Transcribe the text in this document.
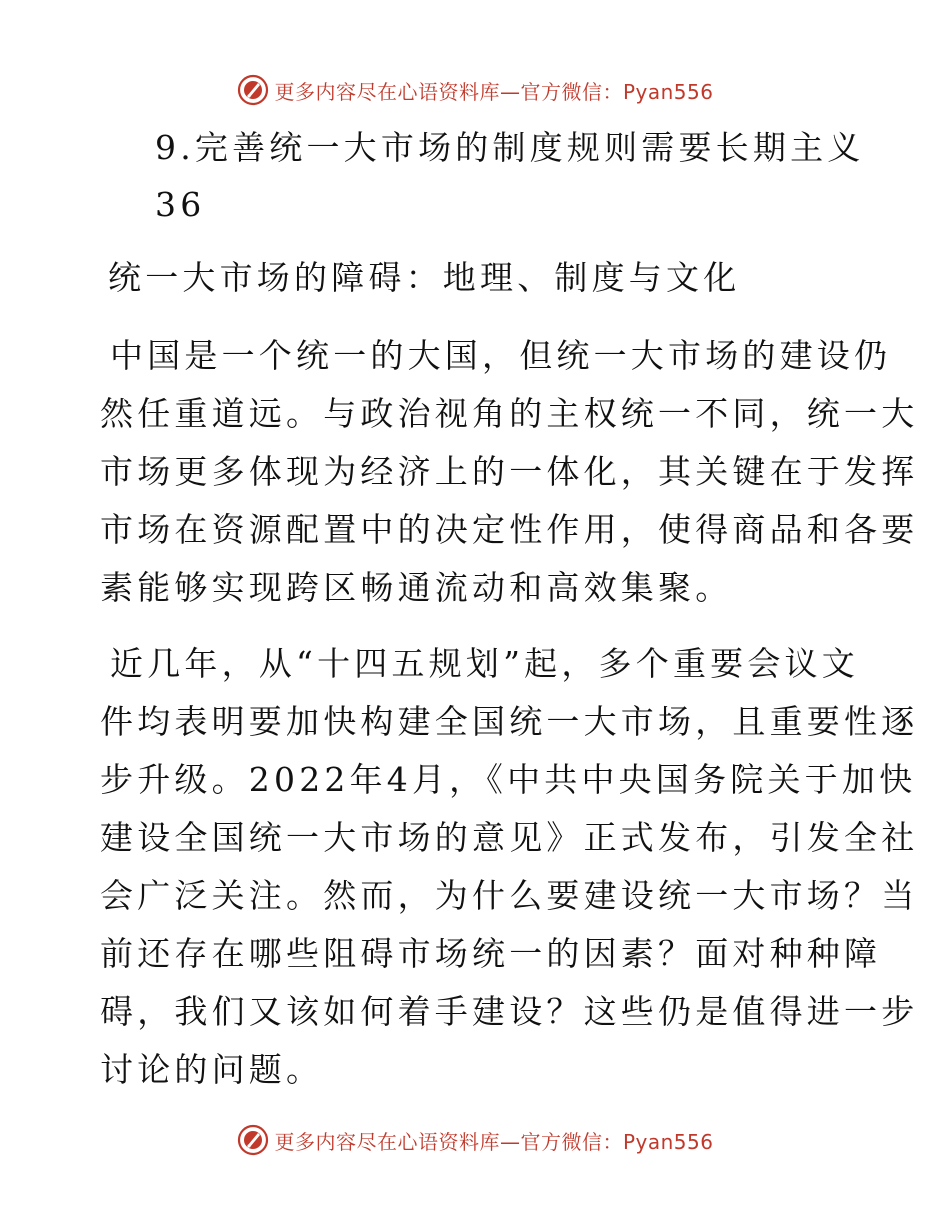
更多内容尽在心语资料库—官方微信：Pyan556
9.完善统一大市场的制度规则需要长期主义
36
统一大市场的障碍：地理、制度与文化
中国是一个统一的大国，但统一大市场的建设仍
然任重道远。与政治视角的主权统一不同，统一大
市场更多体现为经济上的一体化，其关键在于发挥
市场在资源配置中的决定性作用，使得商品和各要
素能够实现跨区畅通流动和高效集聚。
近几年，从“十四五规划”起，多个重要会议文
件均表明要加快构建全国统一大市场，且重要性逐
步升级。2022年4月，《中共中央国务院关于加快
建设全国统一大市场的意见》正式发布，引发全社
会广泛关注。然而，为什么要建设统一大市场？当
前还存在哪些阻碍市场统一的因素？面对种种障
碍，我们又该如何着手建设？这些仍是值得进一步
讨论的问题。
更多内容尽在心语资料库—官方微信：Pyan556
